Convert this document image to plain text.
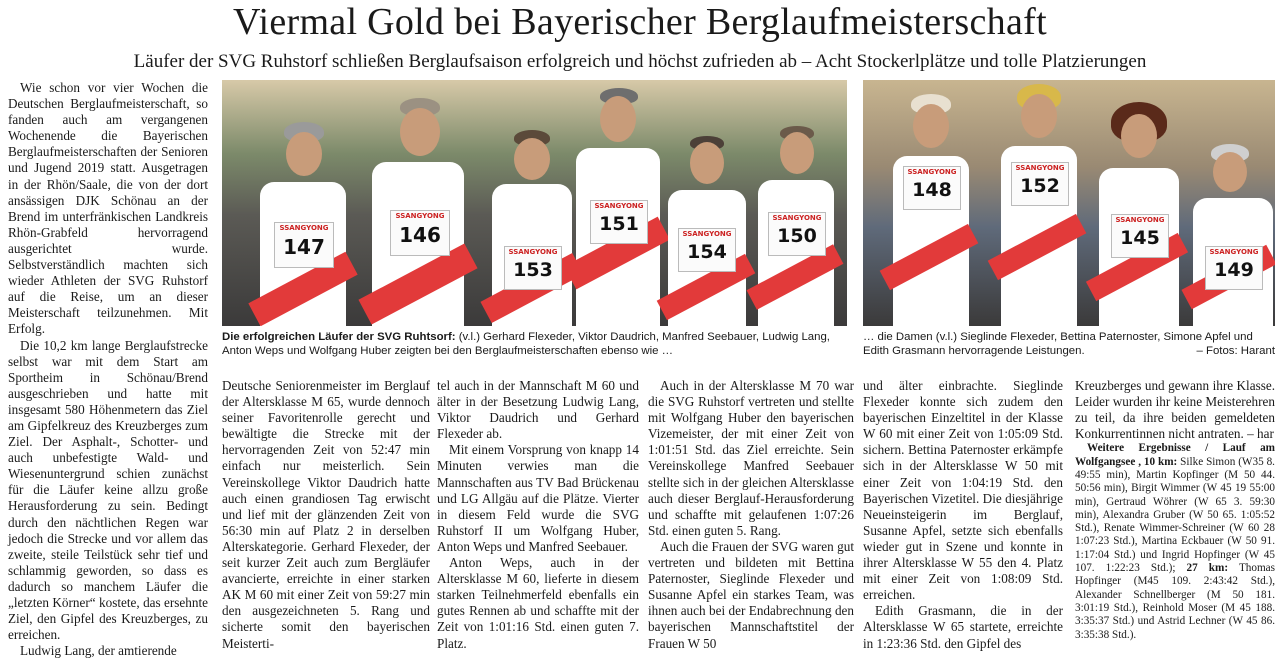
Viermal Gold bei Bayerischer Berglaufmeisterschaft
Läufer der SVG Ruhstorf schließen Berglaufsaison erfolgreich und höchst zufrieden ab – Acht Stockerlplätze und tolle Platzierungen

Wie schon vor vier Wochen die Deutschen Berglaufmeisterschaft, so fanden auch am vergangenen Wochenende die Bayerischen Berglaufmeisterschaften der Senioren und Jugend 2019 statt. Ausgetragen in der Rhön/Saale, die von der dort ansässigen DJK Schönau an der Brend im unterfränkischen Landkreis Rhön-Grabfeld hervorragend ausgerichtet wurde. Selbstverständlich machten sich wieder Athleten der SVG Ruhstorf auf die Reise, um an dieser Meisterschaft teilzunehmen. Mit Erfolg.

Die 10,2 km lange Berglaufstrecke selbst war mit dem Start am Sportheim in Schönau/Brend ausgeschrieben und hatte mit insgesamt 580 Höhenmetern das Ziel am Gipfelkreuz des Kreuzberges zum Ziel. Der Asphalt-, Schotter- und auch unbefestigte Wald- und Wiesenuntergrund schien zunächst für die Läufer keine allzu große Herausforderung zu sein. Bedingt durch den nächtlichen Regen war jedoch die Strecke und vor allem das zweite, steile Teilstück sehr tief und schlammig geworden, so dass es dadurch so manchem Läufer die „letzten Körner“ kostete, das ersehnte Ziel, den Gipfel des Kreuzberges, zu erreichen.

Ludwig Lang, der amtierende

SSANGYONG
147
SSANGYONG
146
SSANGYONG
153
SSANGYONG
151	SSANGYONG
154
SSANGYONG
150
SSANGYONG
148
SSANGYONG
152
SSANGYONG
145
SSANGYONG
149
Die erfolgreichen Läufer der SVG Ruhtsorf: (v.l.) Gerhard Flexeder, Viktor Daudrich, Manfred Seebauer, Ludwig Lang, Anton Weps und Wolfgang Huber zeigten bei den Berglaufmeisterschaften ebenso wie …
… die Damen (v.l.) Sieglinde Flexeder, Bettina Paternoster, Simone Apfel und Edith Grasmann hervorragende Leistungen.	– Fotos: Harant

Deutsche Seniorenmeister im Berglauf der Altersklasse M 65, wurde dennoch seiner Favoritenrolle gerecht und bewältigte die Strecke mit der hervorragenden Zeit von 52:47 min einfach nur meisterlich. Sein Vereinskollege Viktor Daudrich hatte auch einen grandiosen Tag erwischt und lief mit der glänzenden Zeit von 56:30 min auf Platz 2 in derselben Alterskategorie. Gerhard Flexeder, der seit kurzer Zeit auch zum Bergläufer avancierte, erreichte in einer starken AK M 60 mit einer Zeit von 59:27 min den ausgezeichneten 5. Rang und sicherte somit den bayerischen Meisterti-

tel auch in der Mannschaft M 60 und älter in der Besetzung Ludwig Lang, Viktor Daudrich und Gerhard Flexeder ab.

Mit einem Vorsprung von knapp 14 Minuten verwies man die Mannschaften aus TV Bad Brückenau und LG Allgäu auf die Plätze. Vierter in diesem Feld wurde die SVG Ruhstorf II um Wolfgang Huber, Anton Weps und Manfred Seebauer.

Anton Weps, auch in der Altersklasse M 60, lieferte in diesem starken Teilnehmerfeld ebenfalls ein gutes Rennen ab und schaffte mit der Zeit von 1:01:16 Std. einen guten 7. Platz.

Auch in der Altersklasse M 70 war die SVG Ruhstorf vertreten und stellte mit Wolfgang Huber den bayerischen Vizemeister, der mit einer Zeit von 1:01:51 Std. das Ziel erreichte. Sein Vereinskollege Manfred Seebauer stellte sich in der gleichen Altersklasse auch dieser Berglauf-Herausforderung und schaffte mit gelaufenen 1:07:26 Std. einen guten 5. Rang.

Auch die Frauen der SVG waren gut vertreten und bildeten mit Bettina Paternoster, Sieglinde Flexeder und Susanne Apfel ein starkes Team, was ihnen auch bei der Endabrechnung den bayerischen Mannschaftstitel der Frauen W 50

und älter einbrachte. Sieglinde Flexeder konnte sich zudem den bayerischen Einzeltitel in der Klasse W 60 mit einer Zeit von 1:05:09 Std. sichern. Bettina Paternoster erkämpfe sich in der Altersklasse W 50 mit einer Zeit von 1:04:19 Std. den Bayerischen Vizetitel. Die diesjährige Neueinsteigerin im Berglauf, Susanne Apfel, setzte sich ebenfalls wieder gut in Szene und konnte in ihrer Altersklasse W 55 den 4. Platz mit einer Zeit von 1:08:09 Std. erreichen.

Edith Grasmann, die in der Altersklasse W 65 startete, erreichte in 1:23:36 Std. den Gipfel des

Kreuzberges und gewann ihre Klasse. Leider wurden ihr keine Meisterehren zu teil, da ihre beiden gemeldeten Konkurrentinnen nicht antraten. – har

Weitere Ergebnisse / Lauf am Wolfgangsee , 10 km: Silke Simon (W35 8. 49:55 min), Martin Kopfinger (M 50 44. 50:56 min), Birgit Wimmer (W 45 19 55:00 min), Gertraud Wöhrer (W 65 3. 59:30 min), Alexandra Gruber (W 50 65. 1:05:52 Std.), Renate Wimmer-Schreiner (W 60 28 1:07:23 Std.), Martina Eckbauer (W 50 91. 1:17:04 Std.) und Ingrid Hopfinger (W 45 107. 1:22:23 Std.); 27 km: Thomas Hopfinger (M45 109. 2:43:42 Std.), Alexander Schnellberger (M 50 181. 3:01:19 Std.), Reinhold Moser (M 45 188. 3:35:37 Std.) und Astrid Lechner (W 45 86. 3:35:38 Std.).
